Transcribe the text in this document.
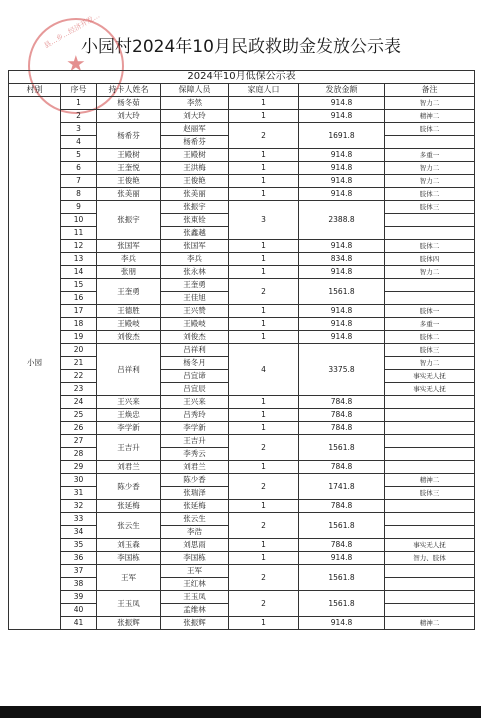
小园村2024年10月民政救助金发放公示表
★
县…乡…经济开发…
2024年10月低保公示表						
村别	序号	持卡人姓名	保障人员	家庭人口	发放金额	备注
小园	1	杨冬茹	李然	1	914.8	智力二
	2	刘大玲	刘大玲	1	914.8	精神二
	3	杨希芬	赵丽军	2	1691.8	肢体二
	4		杨希芬			
	5	王殿树	王殿树	1	914.8	多重一
	6	王奎悦	王洪梅	1	914.8	智力二
	7	王俊艳	王俊艳	1	914.8	智力二
	8	张美丽	张美丽	1	914.8	肢体二
	9	张振宇	张振宇	3	2388.8	肢体三
	10		张東铨			
	11		张鑫越			
	12	张国军	张国军	1	914.8	肢体二
	13	李兵	李兵	1	834.8	肢体四
	14	张朋	张永林	1	914.8	智力二
	15	王奎勇	王奎勇	2	1561.8	
	16		王佳旭			
	17	王德胜	王兴赞	1	914.8	肢体一
	18	王殿岐	王殿岐	1	914.8	多重一
	19	刘俊杰	刘俊杰	1	914.8	肢体二
	20	吕祥利	吕祥利	4	3375.8	肢体三
	21		杨冬月			智力二
	22		吕宜谛			事实无人抚
	23		吕宜辰			事实无人抚
	24	王兴来	王兴来	1	784.8	
	25	王焕忠	吕秀玲	1	784.8	
	26	李学新	李学新	1	784.8	
	27	王吉升	王吉升	2	1561.8	
	28		李秀云			
	29	刘君兰	刘君兰	1	784.8	
	30	陈少香	陈少香	2	1741.8	精神二
	31		张瑞泽			肢体三
	32	张延梅	张延梅	1	784.8	
	33	张云生	张云生	2	1561.8	
	34		李浩			
	35	刘玉森	刘思雨	1	784.8	事实无人抚
	36	李国栋	李国栋	1	914.8	智力、肢体
	37	王军	王军	2	1561.8	
	38		王红林			
	39	王玉凤	王玉凤	2	1561.8	
	40		孟维林			
	41	张振辉	张振辉	1	914.8	精神二
